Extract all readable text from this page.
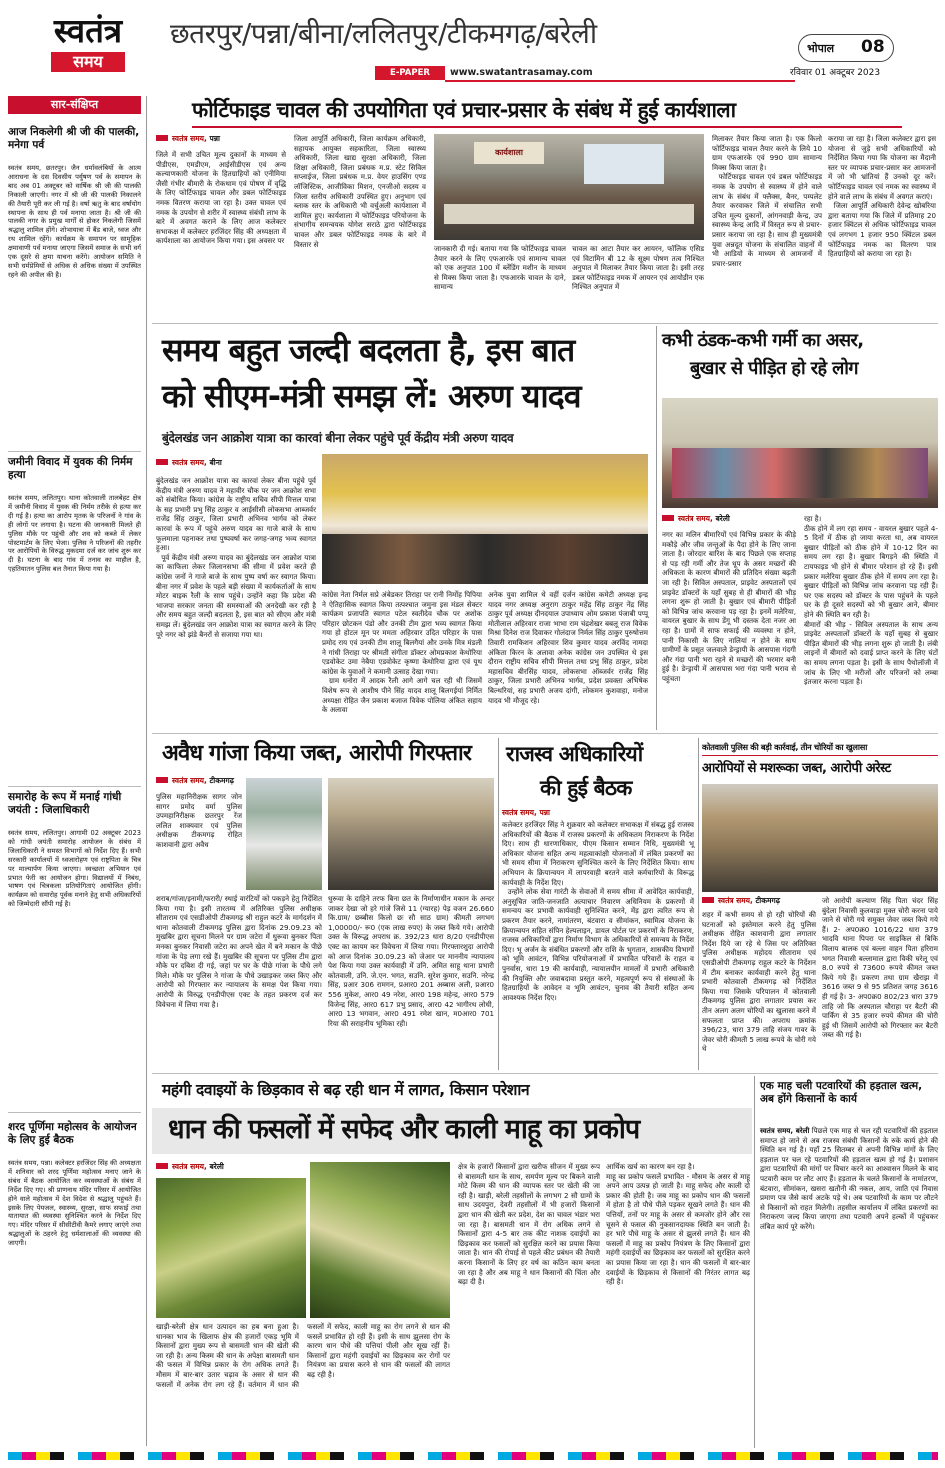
स्वतंत्र
समय
छतरपुर/पन्ना/बीना/ललितपुर/टीकमगढ़/बरेली
E-PAPER	www.swatantrasamay.com
भोपाल 08
रविवार 01 अक्टूबर 2023
सार-संक्षिप्त
आज निकलेगी श्री जी की पालकी, मनेगा पर्व
स्वतंत्र समय, छतरपुर। जैन धर्मावलंबियों के आत्म आराधना के दस दिवसीय पर्युषण पर्व के समापन के बाद अब 01 अक्टूबर को वार्षिक श्री जी की पालकी निकाली जाएगी। नगर में श्री जी की पालकी निकालने की तैयारी पूरी कर ली गई है। वर्षा ऋतु के बाद वर्षायोग स्थापना के साथ ही पर्व मनाया जाता है। श्री जी की पालकी नगर के प्रमुख मार्गों से होकर निकलेगी जिसमें श्रद्धालु शामिल होंगे। शोभायात्रा में बैंड बाजे, ध्वज और रथ शामिल रहेंगे। कार्यक्रम के समापन पर सामूहिक क्षमावाणी पर्व मनाया जाएगा जिसमें समाज के सभी वर्ग एक दूसरे से क्षमा याचना करेंगे। आयोजन समिति ने सभी धर्मप्रेमियों से अधिक से अधिक संख्या में उपस्थित रहने की अपील की है।
जमीनी विवाद में युवक की निर्मम हत्या
स्वतंत्र समय, ललितपुर। थाना कोतवाली तालबेहट क्षेत्र में जमीनी विवाद में युवक की निर्मम तरीके से हत्या कर दी गई है। हत्या का आरोप मृतक के परिजनों ने गांव के ही लोगों पर लगाया है। घटना की जानकारी मिलते ही पुलिस मौके पर पहुंची और शव को कब्जे में लेकर पोस्टमार्टम के लिए भेजा। पुलिस ने परिजनों की तहरीर पर आरोपियों के विरुद्ध मुकदमा दर्ज कर जांच शुरू कर दी है। घटना के बाद गांव में तनाव का माहौल है, एहतियातन पुलिस बल तैनात किया गया है।
समारोह के रूप में मनाई गांधी जयंती : जिलाधिकारी
स्वतंत्र समय, ललितपुर। आगामी 02 अक्टूबर 2023 को गांधी जयंती समारोह आयोजन के संबंध में जिलाधिकारी ने समस्त विभागों को निर्देश दिए हैं। सभी सरकारी कार्यालयों में ध्वजारोहण एवं राष्ट्रपिता के चित्र पर माल्यार्पण किया जाएगा। स्वच्छता अभियान एवं प्रभात फेरी का आयोजन होगा। विद्यालयों में निबंध, भाषण एवं चित्रकला प्रतियोगिताएं आयोजित होंगी। कार्यक्रम को समारोह पूर्वक मनाने हेतु सभी अधिकारियों को जिम्मेदारी सौंपी गई है।
शरद पूर्णिमा महोत्सव के आयोजन के लिए हुई बैठक
स्वतंत्र समय, पन्ना। कलेक्टर हरजिंदर सिंह की अध्यक्षता में शनिवार को शरद पूर्णिमा महोत्सव मनाए जाने के संबंध में बैठक आयोजित कर व्यवस्थाओं के संबंध में निर्देश दिए गए। श्री प्राणनाथ मंदिर परिसर में आयोजित होने वाले महोत्सव में देश विदेश से श्रद्धालु पहुंचते हैं। इसके लिए पेयजल, स्वास्थ्य, सुरक्षा, साफ सफाई तथा यातायात की व्यवस्था सुनिश्चित करने के निर्देश दिए गए। मंदिर परिसर में सीसीटीवी कैमरे लगाए जाएंगे तथा श्रद्धालुओं के ठहरने हेतु धर्मशालाओं की व्यवस्था की जाएगी।
फोर्टिफाइड चावल की उपयोगिता एवं प्रचार-प्रसार के संबंध में हुई कार्यशाला
स्वतंत्र समय, पन्ना
जिले में सभी उचित मूल्य दुकानों के माध्यम से पीडीएस, एमडीएम, आईसीडीएस एवं अन्य कल्याणकारी योजना के हितग्राहियों को एनीमिया जैसी गंभीर बीमारी के रोकथाम एवं पोषण में वृद्धि के लिए फोर्टिफाइड चावल और डबल फोर्टिफाइड नमक वितरण कराया जा रहा है। उक्त चावल एवं नमक के उपयोग से शरीर में स्वास्थ्य संबंधी लाभ के बारे में अवगत कराने के लिए आज कलेक्टर सभाकक्ष में कलेक्टर हरजिंदर सिंह की अध्यक्षता में कार्यशाला का आयोजन किया गया। इस अवसर पर
जिला आपूर्ति अधिकारी, जिला कार्यक्रम अधिकारी, सहायक आयुक्त सहकारिता, जिला स्वास्थ्य अधिकारी, जिला खाद्य सुरक्षा अधिकारी, जिला शिक्षा अधिकारी, जिला प्रबंधक म.प्र. स्टेट सिविल सप्लाईज, जिला प्रबंधक म.प्र. वेयर हाउसिंग एण्ड लॉजिस्टिक, आजीविका मिशन, एनजीओ सदस्य व जिला स्तरीय अधिकारी उपस्थित हुए। अनुभाग एवं ब्लाक स्तर के अधिकारी भी वर्चुअली कार्यशाला में शामिल हुए। कार्यशाला में फोर्टिफाइड परियोजना के संभागीय समन्वयक योगेश सराठे द्वारा फोर्टिफाइड चावल और डबल फोर्टिफाइड नमक के बारे में विस्तार से
कार्यशाला
जानकारी दी गई। बताया गया कि फोर्टिफाइड चावल तैयार करने के लिए एफआरके एवं सामान्य चावल को एक अनुपात 100 में ब्लेंडिंग मशीन के माध्यम से मिक्स किया जाता है। एफआरके चावल के दाने, सामान्य
चावल का आटा तैयार कर आयरन, फॉलिक एसिड एवं विटामिन बी 12 के सूक्ष्म पोषण तत्व निश्चित अनुपात में मिलाकर तैयार किया जाता है। इसी तरह डबल फोर्टिफाइड नमक में आयरन एवं आयोडीन एक निश्चित अनुपात में
मिलाकर तैयार किया जाता है। एक किलो फोर्टिफाइड चावल तैयार करने के लिये 10 ग्राम एफआरके एवं 990 ग्राम सामान्य मिक्स किया जाता है।
फोर्टिफाइड चावल एवं डबल फोर्टिफाइड नमक के उपयोग से स्वास्थ्य में होने वाले लाभ के संबंध में फ्लैक्स, बैनर, पम्पलेट तैयार करवाकर जिले में संचालित सभी उचित मूल्य दुकानों, आंगनवाड़ी केन्द्र, उप स्वास्थ्य केन्द्र आदि में विस्तृत रूप से प्रचार-प्रसार कराया जा रहा है। साथ ही मुख्यमंत्री युवा अन्नदूत योजना के संचालित वाहनों में भी आडियो के माध्यम से आमजनों में प्रचार-प्रसार
कराया जा रहा है। जिला कलेक्टर द्वारा इस योजना से जुड़े सभी अधिकारियों को निर्देशित किया गया कि योजना का मैदानी स्तर पर व्यापक प्रचार-प्रसार कर आमजनों में जो भी भ्रांतियां हैं उनको दूर करें। फोर्टिफाइड चावल एवं नमक का स्वास्थ्य में होने वाले लाभ के संबंध में अवगत कराएं।
जिला आपूर्ति अधिकारी देवेन्द्र खोबरिया द्वारा बताया गया कि जिले में प्रतिमाह 20 हजार क्विंटल से अधिक फोर्टिफाइड चावल एवं लगभग 1 हजार 950 क्विंटल डबल फोर्टिफाइड नमक का वितरण पात्र हितग्राहियों को कराया जा रहा है।
समय बहुत जल्दी बदलता है, इस बात
को सीएम-मंत्री समझ लें: अरुण यादव
बुंदेलखंड जन आक्रोश यात्रा का कारवां बीना लेकर पहुंचे पूर्व केंद्रीय मंत्री अरुण यादव
स्वतंत्र समय, बीना
बुंदेलखंड जन आक्रोश यात्रा का कारवां लेकर बीना पहुंचे पूर्व केंद्रीय मंत्री अरुण यादव ने महावीर चौक पर जन आक्रोश सभा को संबोधित किया। कांग्रेस के राष्ट्रीय सचिव सीपी मित्तल यात्रा के सह प्रभारी प्रभु सिंह ठाकुर व आईसीसी लोकसभा आब्जर्वर राजेंद्र सिंह ठाकुर, जिला प्रभारी अभिनव भार्गव को लेकर कारवां के रूप में पहुंचे अरुण यादव का गाजे बाजे के साथ फूलमाला पहनाकर तथा पुष्पवर्षा कर जगह-जगह भव्य स्वागत हुआ।
पूर्व केंद्रीय मंत्री अरुण यादव का बुंदेलखंड जन आक्रोश यात्रा का काफिला लेकर जिलानसभा की सीमा में प्रवेश करते ही कांग्रेस जनों ने गाजे बाजे के साथ पुष्प वर्षा कर स्वागत किया। बीना नगर में प्रवेश के पहले बड़ी संख्या में कार्यकर्ताओं के साथ मोटर बाइक रैली के साथ पहुंचे। उन्होंने कहा कि प्रदेश की भाजपा सरकार जनता की समस्याओं की अनदेखी कर रही है और समय बहुत जल्दी बदलता है, इस बात को सीएम और मंत्री समझ लें। बुंदेलखंड जन आक्रोश यात्रा का स्वागत करने के लिए पूरे नगर को झंडे बैनरों से सजाया गया था।
कांग्रेस नेता निर्मल सप्रे अंबेडकर तिराहा पर रानी निर्मोह पिपिया ने ऐतिहासिक स्वागत किया तत्पश्चात जमुना इस मंडल सेक्टर कार्यक्रम प्रजापति स्वागत पटेल स्वतीदेव चौक पर अशोक परिहार छोटकन पंडो और उनकी टीम द्वारा भव्य स्वागत किया गया हो होटल मून पर ममता अहिरवार उदित परिहार के पास प्रमोद राय एवं उनकी टीम शालू बिलगैयां और उनके मित्र मंडली ने गांधी तिराहा पर श्रीमती संगीता डॉक्टर ओमप्रकाश केथोरिया एडवोकेट उमा नेबैया एडवोकेट कृष्णा केथोरिया द्वारा एवं यूथ कांग्रेस के युवाओं ने कमानी उत्साह देखा गया।
ग्राम धनोरा में आदक रैली आगे आगे चल रही थी जिसमें विशेष रूप से आशीष पीने सिंह यादव शालू बिलगईयां निर्मित अध्यक्षा रोहित जैन प्रकाश बजाज विवेक पोलिया अंकित सहाय के अलावा
अनेक युवा शामिल थे वहीं दर्जन कांग्रेस कमेटी अध्यक्ष इन्द्र यादव नगर अध्यक्ष अनुराग ठाकुर महेंद्र सिंह ठाकुर नेंद्र सिंह ठाकुर पूर्व अध्यक्ष दीनदयाल उपाध्याय ओम प्रकाश पंजाबी पप्पू मोतीलाल अहिरवार राजा भाभा राम चंद्रशेखर बबलू राज विवेक मिश्रा दिनेश राज दिवाकर गोलंदाज निर्मल सिंह ठाकुर पुरुषोत्तम तिवारी रामकिशन अहिरवार शिव कुमार यादव अरविंद नामदा अंकिता किरन के अलावा अनेक कांग्रेस जन उपस्थित थे इस दौरान राष्ट्रीय सचिव सीपी मित्तल तथा प्रभु सिंह ठाकुर, प्रदेश महासचिव बीरसिंह यादव, लोकसभा ऑब्जर्वर राजेंद्र सिंह ठाकुर, जिला प्रभारी अभिनव भार्गव, प्रदेश प्रवक्ता अभिषेक बिल्थरियां, सह प्रभारी अजय दांगी, लोकमन कुशवाहा, मनोज यादव भी मौजूद रहे।
कभी ठंडक-कभी गर्मी का असर,
बुखार से पीड़ित हो रहे लोग
स्वतंत्र समय, बरेली
नगर का मलिन बीमारियों एवं विभिन्न प्रकार के कीड़े मकौड़े और जीव जन्तुओं के पैदा होने के लिए जाना जाता है। जोरदार बारिश के बाद पिछले एक सप्ताह से पड़ रही गर्मी और तेज धूप के असर मच्छरों की अधिकता के कारण बीमारों की प्रतिदिन संख्या बढ़ती जा रही है। सिविल अस्पताल, प्राइवेट अस्पतालों एवं प्राइवेट डॉक्टरों के यहाँ सुबह से ही बीमारों की भीड़ लगना शुरू हो जाती है। बुखार एवं बीमारी पीड़ितों को विभिन्न जांच करवाना पड़ रहा है। इनमें मलेरिया, वायरल बुखार के साथ डेंगू भी दस्तक देता नजर आ रहा है। ग्रामों में साफ सफाई की व्यवस्था न होने, पानी निकासी के लिए नालियां न होने के साथ ग्रामीणों के प्रसूत जलवाले डेन्ड्रायी के आसपास गंदगी और गंदा पानी भरा रहने से मच्छरों की भरमार बनी हुई है। डेन्ड्रायी में आसपास भरा गंदा पानी भराव से पहुंचता
रहा है।
ठीक होने में लग रहा समय - वायरल बुखार पहले 4-5 दिनों में ठीक हो जाया करता था, अब वायरल बुखार पीड़ितों को ठीक होने में 10-12 दिन का समय लग रहा है। बुखार बिगड़ने की स्थिति में टायफाइड भी होने से बीमार परेशान हो रहे हैं। इसी प्रकार मलेरिया बुखार ठीक होने में समय लग रहा है। बुखार पीड़ितों को विभिन्न जांच करवाना पड़ रही हैं। घर एक सदस्य को डॉक्टर के पास पहुंचने के पहले घर के ही दूसरे सदस्यों को भी बुखार आने, बीमार होने की स्थिति बन रही है।
बीमारों की भीड़ - सिविल अस्पताल के साथ अन्य प्राइवेट अस्पतालों डॉक्टरों के यहाँ सुबह से बुखार पीड़ित बीमारों की भीड़ लगना शुरू हो जाती है। लंबी लाइनों में बीमारों को दवाई प्राप्त करने के लिए घंटों का समय लगना पड़ता है। इसी के साथ पैथोलॉजी में जांच के लिए भी मरीजों और परिजनों को लम्बा इंतजार करना पड़ता है।
अवैध गांजा किया जब्त, आरोपी गिरफ्तार
स्वतंत्र समय, टीकमगढ़
पुलिस महानिरीक्षक सागर जोन सागर प्रमोद वर्मा पुलिस उपमहानिरीक्षक छतरपुर रेंज ललित शाक्यवार एवं पुलिस अधीक्षक टीकमगढ़ रोहित काशवानी द्वारा अवैध
शराब/गांजा/इनामी/फरारी/ स्थाई वारंटियों को पकड़ने हेतु निर्देशित किया गया है। इसी तारतम्य में अतिरिक्त पुलिस अधीक्षक सीताराम एवं एसडीओपी टीकमगढ़ श्री राहुल कटरे के मार्गदर्शन में थाना कोतवाली टीकमगढ़ पुलिस द्वारा दिनांक 29.09.23 को मुखबिर द्वारा सूचना मिलने पर ग्राम जटेरा में धुरूवा बुनकर पिता मनका बुनकर निवासी जटेरा का अपने खेत में बने मकान के पीछे गांजा के पेड़ लगा रखे हैं। मुखबिर की सूचना पर पुलिस टीम द्वारा मौके पर दबिश दी गई, जहां पर घर के पीछे गांजा के पौधे लगे मिले। मौके पर पुलिस ने गांजा के पौधे उखाड़कर जब्त किए और आरोपी को गिरफ्तार कर न्यायालय के समक्ष पेश किया गया। आरोपी के विरुद्ध एनडीपीएस एक्ट के तहत प्रकरण दर्ज कर विवेचना में लिया गया है।
धुरूवा के दाहिने तरफ बिना छत के निर्माणाधीन मकान के अन्दर जाकर देखा जो हरे गांजे जिसे 11 (ग्यारह) पेड़ वजन 26.660 कि.ग्राम/ छब्बीस किलो छः सौ साठ ग्राम) कीमती लगभग 1,00000/- रू0 (एक लाख रुपए) के जब्त किये गये। आरोपी उक्त के विरूद्ध अपराध क्र. 392/23 धारा 8/20 एनडीपीएस एक्ट का कायम कर विवेचना में लिया गया। गिरफ्तारशुदा आरोपी को आज दिनांक 30.09.23 को जेआर पर माननीय न्यायालय पेश किया गया उक्त कार्यवाही में उनि. अमित साहू थाना प्रभारी कोतवाली, उनि. जे.एन. भगत, सउनि. सुरेश कुमार, सउनि. नरेन्द्र सिंह, प्रआर 306 रामगन, प्रआर0 201 अब्बास अली, प्रआर0 556 मुकेश, आर0 49 नरेश, आर0 198 महेन्द्र, आर0 579 विजेन्द्र सिंह, आर0 617 प्रभु प्रसाद, आर0 42 भागीरथ लोधी, आर0 13 भगवान, आर0 491 रमेश खान, म0आर0 701 रिया की सराहनीय भूमिका रही।
राजस्व अधिकारियों
की हुई बैठक
स्वतंत्र समय, पन्ना
कलेक्टर हरजिंदर सिंह ने शुक्रवार को कलेक्टर सभाकक्ष में संबद्ध हुई राजस्व अधिकारियों की बैठक में राजस्व प्रकरणों के अधिकतम निराकरण के निर्देश दिए। साथ ही धारणाधिकार, पीएम किसान सम्मान निधि, मुख्यमंत्री भू अधिकार योजना सहित अन्य महत्वाकांक्षी योजनाओं में लंबित प्रकरणों का भी समय सीमा में निराकरण सुनिश्चित करने के लिए निर्देशित किया। साथ अभियान के क्रियान्वयन में लापरवाही बरतने वाले कर्मचारियों के विरूद्ध कार्यवाही के निर्देश दिए।
उन्होंने लोक सेवा गारंटी के सेवाओं में समय सीमा में आवेदित कार्यवाही, अनुसूचित जाति-जनजाति अत्याचार निवारण अधिनियम के प्रकरणों में समन्वय कर प्रभावी कार्यवाही सुनिश्चित करने, मेंड़ द्वारा त्वरित रूप से प्रकरण तैयार करने, नामांतरण, बंटवारा व सीमांकन, स्वामित्व योजना के क्रियान्वयन सहित संपिन हेल्पलाइन, डायल पोर्टल पर प्रकरणों के निराकरण, राजस्व अधिकारियों द्वारा निर्माण विभाग के अधिकारियों से समन्वय के निर्देश दिए। भू अर्जन के संबंधित प्रकरणों और राशि के भुगतान, शासकीय विभागों को भूमि आवंटन, विभिन्न परियोजनाओं में प्रभावित परिवारों के राहत व पुनर्वास, धारा 19 की कार्यवाही, न्यायालयीन मामलों में प्रभारी अधिकारी की नियुक्ति और जवाबदावा प्रस्तुत करने, महत्वपूर्ण रूप से संस्थाओं के हितग्राहियों के आवेदन व भूमि आवंटन, चुनाव की तैयारी सहित अन्य आवश्यक निर्देश दिए।
कोतवाली पुलिस की बड़ी कार्रवाई, तीन चोरियों का खुलासा
आरोपियों से मशरूका जब्त, आरोपी अरेस्ट
स्वतंत्र समय, टीकमगढ़
शहर में कभी समय से हो रही चोरियों की घटनाओं को इस्तेमाल करने हेतु पुलिस अधीक्षक रोहित काशवानी द्वारा लगातार निर्देश दिये जा रहे थे जिस पर अतिरिक्त पुलिस अधीक्षक महोदय सीताराम एवं एसडीओपी टीकमगढ़ राहुल कटरे के निर्देशन में टीम बनाकर कार्यवाही करने हेतु थाना प्रभारी कोतवाली टीकमगढ़ को निर्देशित किया गया जिसके परिपालन में कोतवाली टीकमगढ़ पुलिस द्वारा लगातार प्रयास कर तीन अलग अलग चोरियों का खुलासा करने में सफलता प्राप्त की। अपराध क्रमांक 396/23, धारा 379 ताहि संजय गावर के जेवर चोरी कीमती 5 लाख रूपये के चोरी गये थे
जो आरोपी कल्याण सिंह पिता चंदर सिंह बुंदेला निवासी कुलवाड़ा मुक्त चोरी करना पाये जाने से चोरी गये समुक्त जेवर जब्त किये गये हैं। 2- अप0क्र0 1016/22 धारा 379 भादवि थाना पिपरा पर साइकिल से बिकि विलाय बालक एवं बल्ला वाहन पिता हरिराम भगत निवासी बल्लामाल द्वारा विकी घरेलू एवं 8.0 रुपये से 73600 रूपये कीमत जब्त किये गये हैं। प्रकरण तथा ग्राम खैराझ में 3616 जब्त 9 से 95 प्रतिशत जगह 3616 ही गई है। 3- अप0क्र0 802/23 धारा 379 ताहि जो कि अस्पताल चौराहा पर बैटरी की पार्किंग से 35 हजार रुपये कीमत की चोरी हुई थी जिसमें आरोपी को गिरफ्तार कर बैटरी जब्त की गई है।
महंगी दवाइयों के छिड़काव से बढ़ रही धान में लागत, किसान परेशान
धान की फसलों में सफेद और काली माहू का प्रकोप
स्वतंत्र समय, बरेली
खाड़ी-बरेली क्षेत्र धान उत्पादन का हब बना हुआ है। धानका भाव के खिलाफ क्षेत्र की हजारों एकड़ भूमि में किसानों द्वारा मुख्य रूप से बासमती धान की खेती की जा रही है। अन्य किस्म की धान के अपेक्षा बासमती धान की फसल में विभिन्न प्रकार के रोग अधिक लगते हैं। मौसम में बार-बार उतार चढ़ाव के असर से धान की फसलों में अनेक रोग लग रहे हैं। वर्तमान में धान की फसलों में सफेद, काली माहू का रोग लगने से धान की फसलें प्रभावित हो रही हैं। इसी के साथ झुलसा रोग के कारण धान पौधे की पत्तियां पीली और सूख रहीं हैं। किसानों द्वारा महंगी दवाईयों का छिड़काव कर रोगों पर नियंत्रण का प्रयास करने से धान की फसलों की लागत बढ़ रही है।
क्षेत्र के हजारों किसानों द्वारा खरीफ सीजन में मुख्य रूप से बासमती धान के साथ, समर्पण मूल्य पर बिकने वाली मोटे किस्म की धान की व्यापक स्तर पर खेती की जा रही है। खाड़ी, बरेली तहसीलों के लगभग 2 सौ ग्रामों के साथ उदयपुरा, देवरी तहसीलों में भी हजारों किसानों द्वारा धान की खेती कर प्रदेश, देश का चावल भंडार भरा जा रहा है। बासमती धान में रोग अधिक लगने से किसानों द्वारा 4-5 बार तक कीट नाशक दवाईयों का छिड़काव कर फसलों को सुरक्षित करने का प्रयास किया जाता है। धान की रोपाई से पहले कीट प्रबंधन की तैयारी करना किसानों के लिए हर वर्ष का कठिन काम बनता जा रहा है और अब माहू ने धान किसानों की चिंता और बढ़ा दी है।
आर्थिक खर्च का कारण बन रहा है।
माहू का प्रकोप फसलें प्रभावित - मौसम के असर से माहू अपने आप उत्पन्न हो जाती है। माहू सफेद और काली दो प्रकार की होती है। जब माहू का प्रकोप धान की फसलों में होता है तो पौधे पीले पड़कर सूखने लगते हैं। धान की पत्तियों, तनों पर माहू के असर से कमजोर होने और रस चूसने से फसल की नुकसानदायक स्थिति बन जाती है। हर भारे पौधे माहू के असर से झुलसे लगते हैं। धान की फसलों में माहू का प्रकोप नियंत्रण के लिए किसानों द्वारा महंगी दवाईयों का छिड़काव कर फसलों को सुरक्षित करने का प्रयास किया जा रहा है। धान की फसलों में बार-बार दवाईयों के छिड़काव से किसानों की निरंतर लागत बढ़ रही है।
एक माह चली पटवारियों की हड़ताल खत्म, अब होंगे किसानों के कार्य
स्वतंत्र समय, बरेली पिछले एक माह से चल रही पटवारियों की हड़ताल समाप्त हो जाने से अब राजस्व संबंधी किसानों के रुके कार्य होने की स्थिति बन गई है। यहाँ 25 सितम्बर से अपनी विभिन्न मांगों के लिए हड़ताल पर चल रहे पटवारियों की हड़ताल खत्म हो गई है। प्रशासन द्वारा पटवारियों की मांगों पर विचार करने का आश्वासन मिलने के बाद पटवारी काम पर लौट आए हैं। हड़ताल के चलते किसानों के नामांतरण, बंटवारा, सीमांकन, खसरा खतौनी की नकल, आय, जाति एवं निवास प्रमाण पत्र जैसे कार्य अटके पड़े थे। अब पटवारियों के काम पर लौटने से किसानों को राहत मिलेगी। तहसील कार्यालय में लंबित प्रकरणों का निराकरण जल्द किया जाएगा तथा पटवारी अपने हल्कों में पहुंचकर लंबित कार्य पूरे करेंगे।
